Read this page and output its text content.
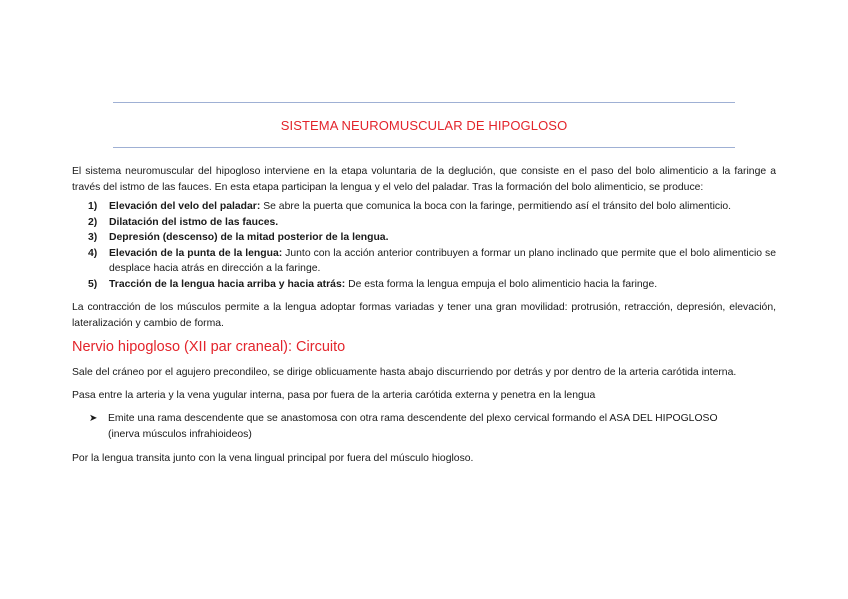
SISTEMA NEUROMUSCULAR DE HIPOGLOSO

El sistema neuromuscular del hipogloso interviene en la etapa voluntaria de la deglución, que consiste en el paso del bolo alimenticio a la faringe a través del istmo de las fauces. En esta etapa participan la lengua y el velo del paladar. Tras la formación del bolo alimenticio, se produce:

1) Elevación del velo del paladar: Se abre la puerta que comunica la boca con la faringe, permitiendo así el tránsito del bolo alimenticio.
2) Dilatación del istmo de las fauces.
3) Depresión (descenso) de la mitad posterior de la lengua.
4) Elevación de la punta de la lengua: Junto con la acción anterior contribuyen a formar un plano inclinado que permite que el bolo alimenticio se desplace hacia atrás en dirección a la faringe.
5) Tracción de la lengua hacia arriba y hacia atrás: De esta forma la lengua empuja el bolo alimenticio hacia la faringe.

La contracción de los músculos permite a la lengua adoptar formas variadas y tener una gran movilidad: protrusión, retracción, depresión, elevación, lateralización y cambio de forma.

Nervio hipogloso (XII par craneal): Circuito

Sale del cráneo por el agujero precondileo, se dirige oblicuamente hasta abajo discurriendo por detrás y por dentro de la arteria carótida interna.

Pasa entre la arteria y la vena yugular interna, pasa por fuera de la arteria carótida externa y penetra en la lengua

➤ Emite una rama descendente que se anastomosa con otra rama descendente del plexo cervical formando el ASA DEL HIPOGLOSO
(inerva músculos infrahioideos)

Por la lengua transita junto con la vena lingual principal por fuera del músculo hiogloso.
